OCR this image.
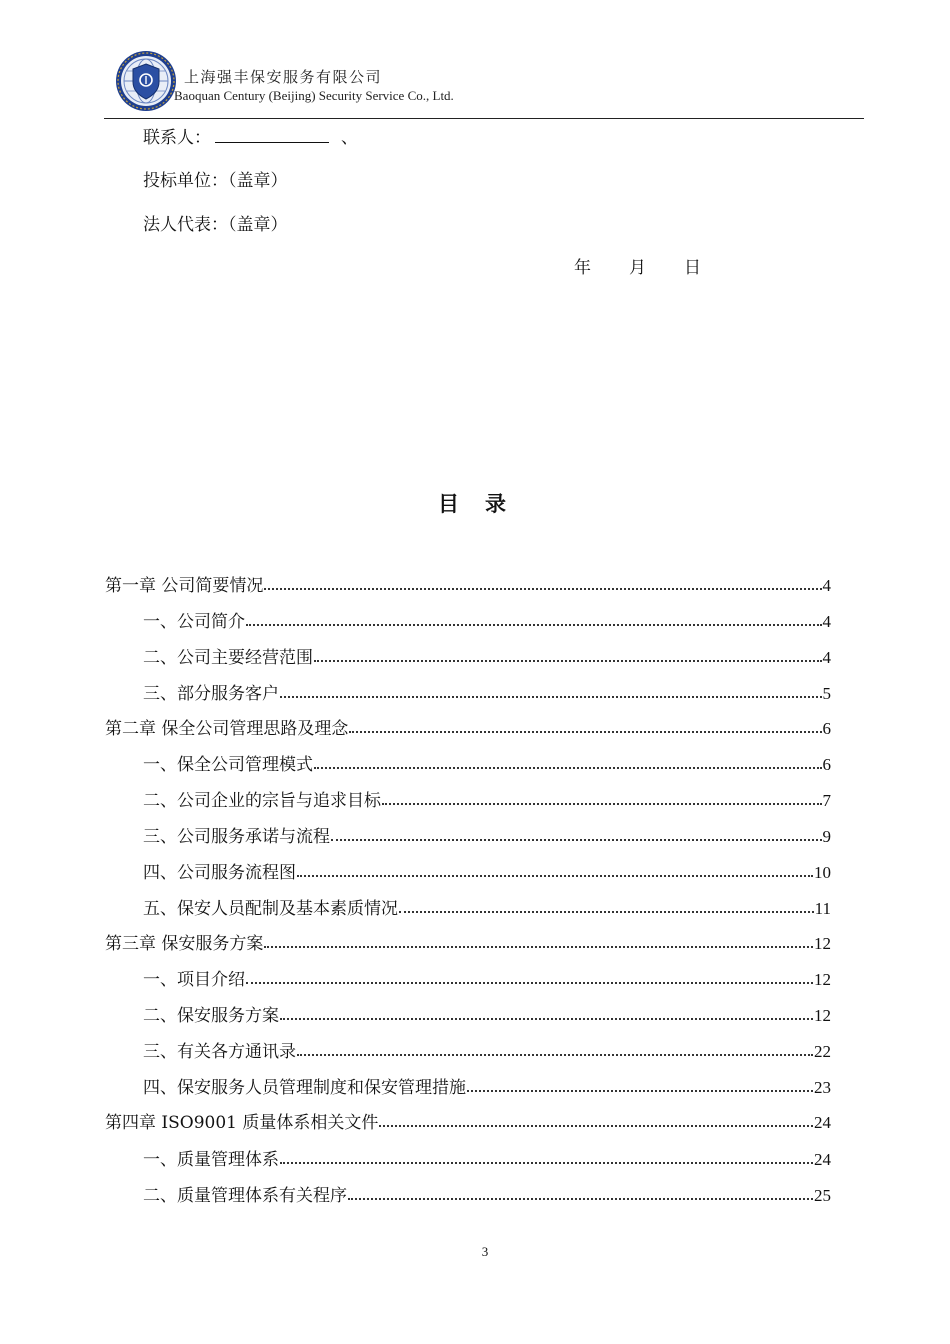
上海强丰保安服务有限公司
Baoquan Century (Beijing) Security Service Co., Ltd.
联系人：	、
投标单位：（盖章）
法人代表：（盖章）
年 月 日
目录
第一章 公司简要情况	4
一、公司简介	4
二、公司主要经营范围	4
三、部分服务客户	5
第二章 保全公司管理思路及理念	6
一、保全公司管理模式	6
二、公司企业的宗旨与追求目标	7
三、公司服务承诺与流程	9
四、公司服务流程图	10
五、保安人员配制及基本素质情况	11
第三章 保安服务方案	12
一、项目介绍	12
二、保安服务方案	12
三、有关各方通讯录	22
四、保安服务人员管理制度和保安管理措施	23
第四章 ISO9001 质量体系相关文件	24
一、质量管理体系	24
二、质量管理体系有关程序	25
3
